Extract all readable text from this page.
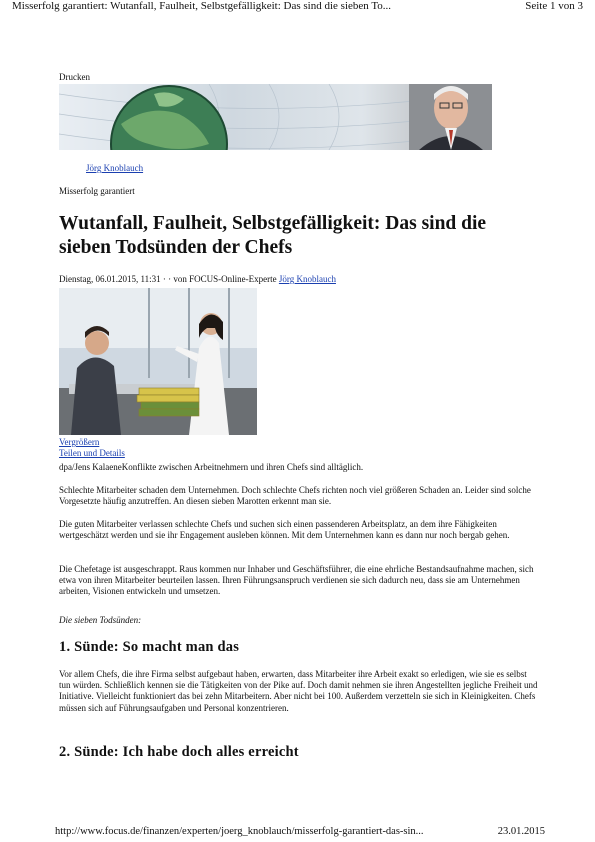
Misserfolg garantiert: Wutanfall, Faulheit, Selbstgefälligkeit: Das sind die sieben To...	Seite 1 von 3
Drucken
Jörg Knoblauch
Misserfolg garantiert
Wutanfall, Faulheit, Selbstgefälligkeit: Das sind die sieben Todsünden der Chefs
Dienstag, 06.01.2015, 11:31 · · von FOCUS-Online-Experte Jörg Knoblauch
Vergrößern
Teilen und Details
dpa/Jens KalaeneKonflikte zwischen Arbeitnehmern und ihren Chefs sind alltäglich.

Schlechte Mitarbeiter schaden dem Unternehmen. Doch schlechte Chefs richten noch viel größeren Schaden an. Leider sind solche Vorgesetzte häufig anzutreffen. An diesen sieben Marotten erkennt man sie.

Die guten Mitarbeiter verlassen schlechte Chefs und suchen sich einen passenderen Arbeitsplatz, an dem ihre Fähigkeiten wertgeschätzt werden und sie ihr Engagement ausleben können. Mit dem Unternehmen kann es dann nur noch bergab gehen.

Die Chefetage ist ausgeschrappt. Raus kommen nur Inhaber und Geschäftsführer, die eine ehrliche Bestandsaufnahme machen, sich etwa von ihren Mitarbeiter beurteilen lassen. Ihren Führungsanspruch verdienen sie sich dadurch neu, dass sie am Unternehmen arbeiten, Visionen entwickeln und umsetzen.

Die sieben Todsünden:
1. Sünde: So macht man das

Vor allem Chefs, die ihre Firma selbst aufgebaut haben, erwarten, dass Mitarbeiter ihre Arbeit exakt so erledigen, wie sie es selbst tun würden. Schließlich kennen sie die Tätigkeiten von der Pike auf. Doch damit nehmen sie ihren Angestellten jegliche Freiheit und Initiative. Vielleicht funktioniert das bei zehn Mitarbeitern. Aber nicht bei 100. Außerdem verzetteln sie sich in Kleinigkeiten. Chefs müssen sich auf Führungsaufgaben und Personal konzentrieren.

2. Sünde: Ich habe doch alles erreicht
http://www.focus.de/finanzen/experten/joerg_knoblauch/misserfolg-garantiert-das-sin...	23.01.2015
